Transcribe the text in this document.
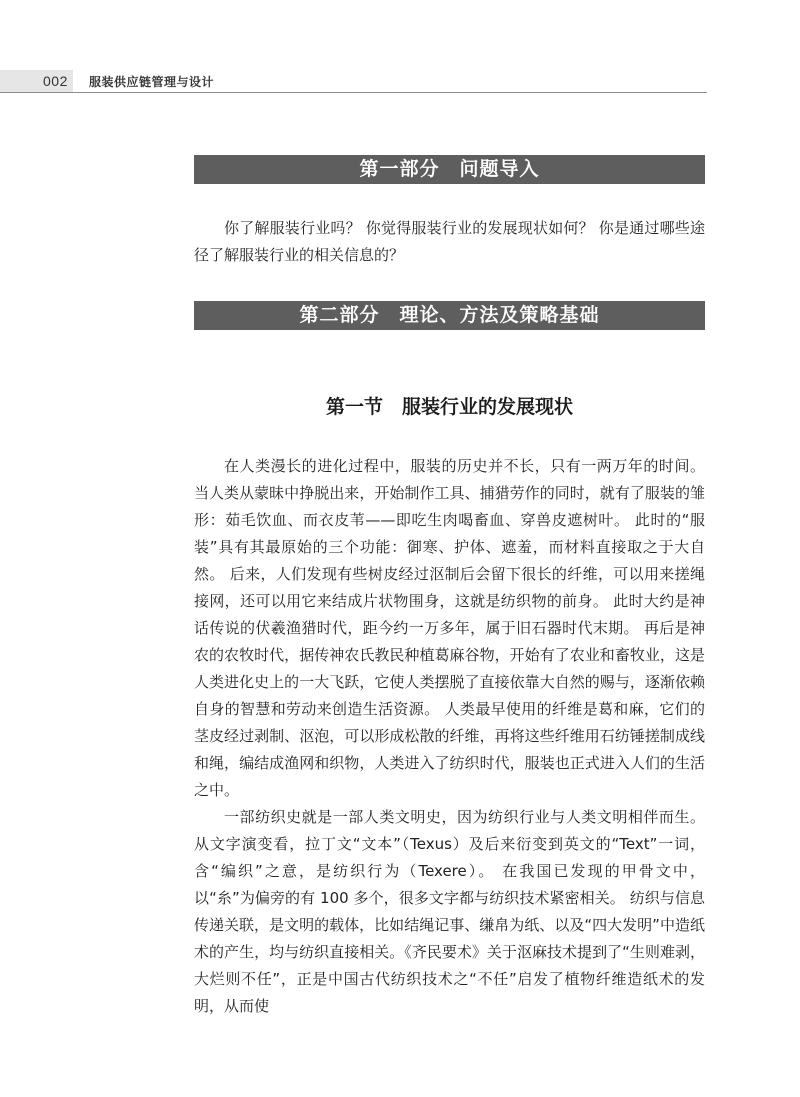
002 服装供应链管理与设计
第一部分　问题导入

你了解服装行业吗？ 你觉得服装行业的发展现状如何？ 你是通过哪些途径了解服装行业的相关信息的？

第二部分　理论、方法及策略基础
第一节　服装行业的发展现状

在人类漫长的进化过程中，服装的历史并不长，只有一两万年的时间。 当人类从蒙昧中挣脱出来，开始制作工具、捕猎劳作的同时，就有了服装的雏形：茹毛饮血、而衣皮苇——即吃生肉喝畜血、穿兽皮遮树叶。 此时的“服装”具有其最原始的三个功能：御寒、护体、遮羞，而材料直接取之于大自然。 后来，人们发现有些树皮经过沤制后会留下很长的纤维，可以用来搓绳接网，还可以用它来结成片状物围身，这就是纺织物的前身。 此时大约是神话传说的伏羲渔猎时代，距今约一万多年，属于旧石器时代末期。 再后是神农的农牧时代，据传神农氏教民种植葛麻谷物，开始有了农业和畜牧业，这是人类进化史上的一大飞跃，它使人类摆脱了直接依靠大自然的赐与，逐渐依赖自身的智慧和劳动来创造生活资源。 人类最早使用的纤维是葛和麻，它们的茎皮经过剥制、沤泡，可以形成松散的纤维，再将这些纤维用石纺锤搓制成线和绳，编结成渔网和织物，人类进入了纺织时代，服装也正式进入人们的生活之中。

一部纺织史就是一部人类文明史，因为纺织行业与人类文明相伴而生。 从文字演变看，拉丁文“文本”（Texus）及后来衍变到英文的“Text”一词，含“编织”之意，是纺织行为（Texere）。 在我国已发现的甲骨文中，以“糸”为偏旁的有 100 多个，很多文字都与纺织技术紧密相关。 纺织与信息传递关联，是文明的载体，比如结绳记事、缣帛为纸、以及“四大发明”中造纸术的产生，均与纺织直接相关。《齐民要术》关于沤麻技术提到了“生则难剥，大烂则不任”，正是中国古代纺织技术之“不任”启发了植物纤维造纸术的发明，从而使
